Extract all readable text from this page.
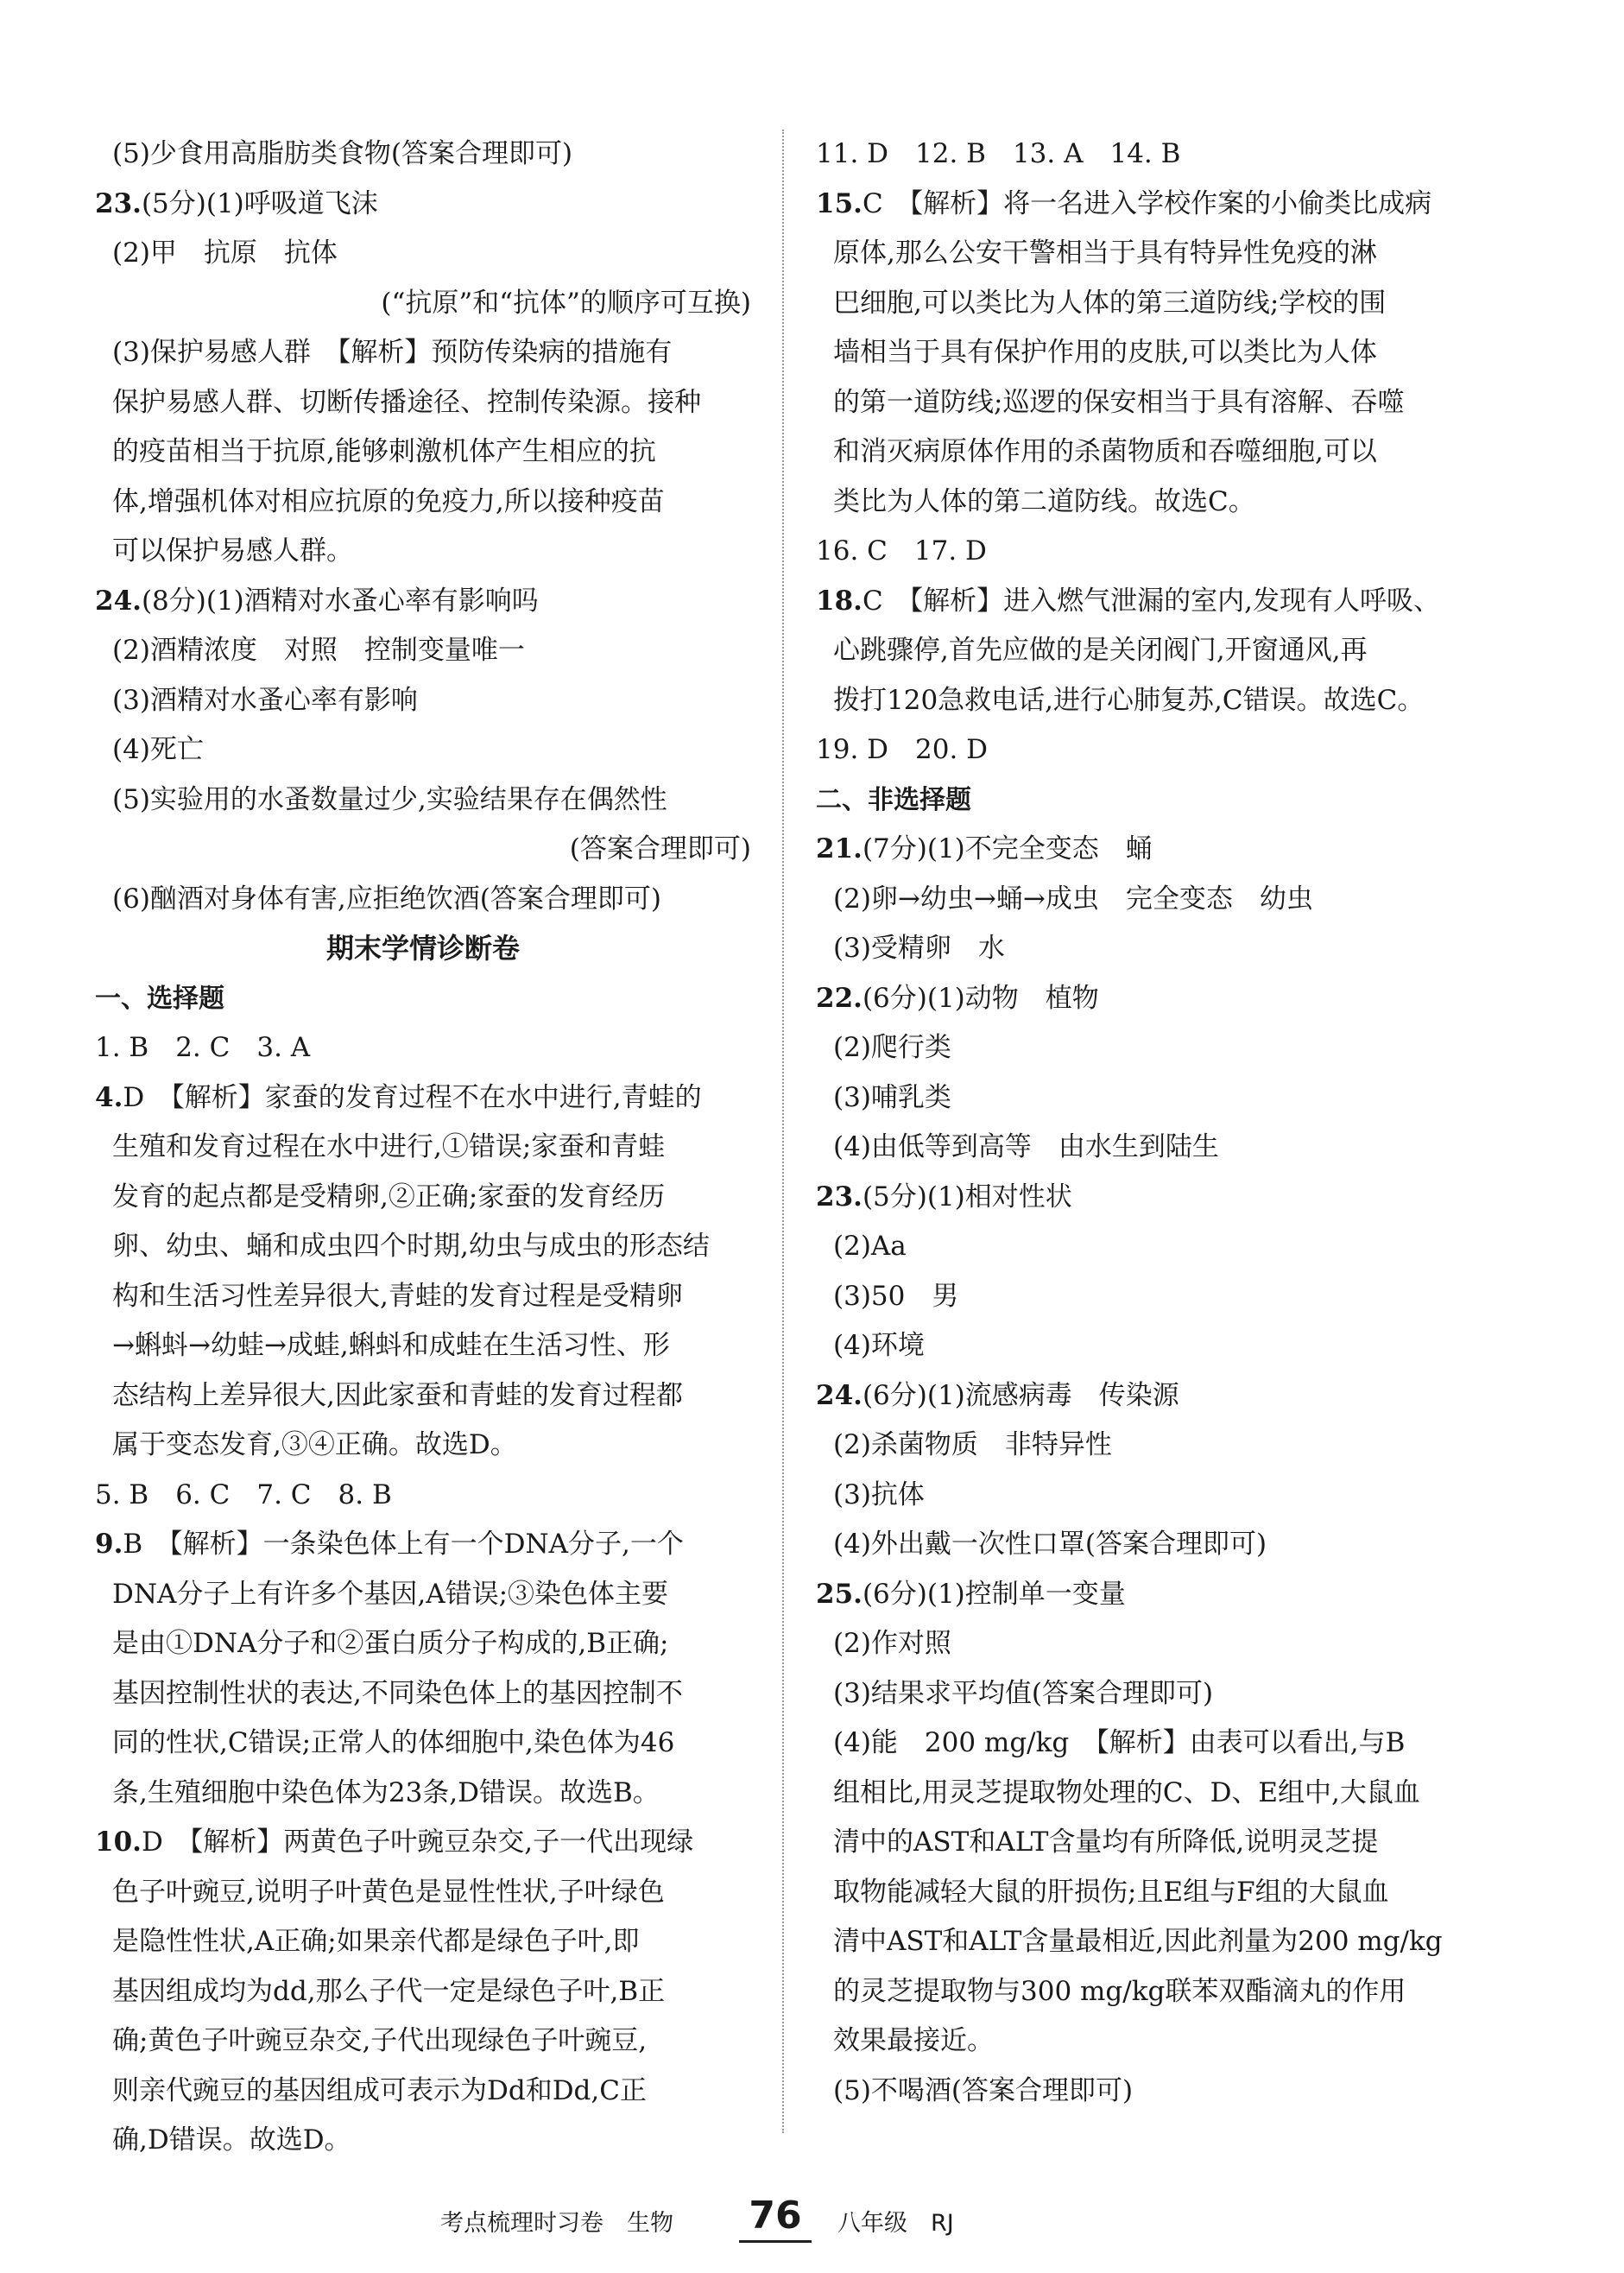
(5)少食用高脂肪类食物(答案合理即可)

23.(5分)(1)呼吸道飞沫

(2)甲　抗原　抗体

(“抗原”和“抗体”的顺序可互换)

(3)保护易感人群　【解析】预防传染病的措施有

保护易感人群、切断传播途径、控制传染源。接种

的疫苗相当于抗原,能够刺激机体产生相应的抗

体,增强机体对相应抗原的免疫力,所以接种疫苗

可以保护易感人群。

24.(8分)(1)酒精对水蚤心率有影响吗

(2)酒精浓度　对照　控制变量唯一

(3)酒精对水蚤心率有影响

(4)死亡

(5)实验用的水蚤数量过少,实验结果存在偶然性

(答案合理即可)

(6)酗酒对身体有害,应拒绝饮酒(答案合理即可)

期末学情诊断卷

一、选择题

1. B　2. C　3. A

4.D　【解析】家蚕的发育过程不在水中进行,青蛙的

生殖和发育过程在水中进行,①错误;家蚕和青蛙

发育的起点都是受精卵,②正确;家蚕的发育经历

卵、幼虫、蛹和成虫四个时期,幼虫与成虫的形态结

构和生活习性差异很大,青蛙的发育过程是受精卵

→蝌蚪→幼蛙→成蛙,蝌蚪和成蛙在生活习性、形

态结构上差异很大,因此家蚕和青蛙的发育过程都

属于变态发育,③④正确。故选D。

5. B　6. C　7. C　8. B

9.B　【解析】一条染色体上有一个DNA分子,一个

DNA分子上有许多个基因,A错误;③染色体主要

是由①DNA分子和②蛋白质分子构成的,B正确;

基因控制性状的表达,不同染色体上的基因控制不

同的性状,C错误;正常人的体细胞中,染色体为46

条,生殖细胞中染色体为23条,D错误。故选B。

10.D　【解析】两黄色子叶豌豆杂交,子一代出现绿

色子叶豌豆,说明子叶黄色是显性性状,子叶绿色

是隐性性状,A正确;如果亲代都是绿色子叶,即

基因组成均为dd,那么子代一定是绿色子叶,B正

确;黄色子叶豌豆杂交,子代出现绿色子叶豌豆,

则亲代豌豆的基因组成可表示为Dd和Dd,C正

确,D错误。故选D。

11. D　12. B　13. A　14. B

15.C　【解析】将一名进入学校作案的小偷类比成病

原体,那么公安干警相当于具有特异性免疫的淋

巴细胞,可以类比为人体的第三道防线;学校的围

墙相当于具有保护作用的皮肤,可以类比为人体

的第一道防线;巡逻的保安相当于具有溶解、吞噬

和消灭病原体作用的杀菌物质和吞噬细胞,可以

类比为人体的第二道防线。故选C。

16. C　17. D

18.C　【解析】进入燃气泄漏的室内,发现有人呼吸、

心跳骤停,首先应做的是关闭阀门,开窗通风,再

拨打120急救电话,进行心肺复苏,C错误。故选C。

19. D　20. D

二、非选择题

21.(7分)(1)不完全变态　蛹

(2)卵→幼虫→蛹→成虫　完全变态　幼虫

(3)受精卵　水

22.(6分)(1)动物　植物

(2)爬行类

(3)哺乳类

(4)由低等到高等　由水生到陆生

23.(5分)(1)相对性状

(2)Aa

(3)50　男

(4)环境

24.(6分)(1)流感病毒　传染源

(2)杀菌物质　非特异性

(3)抗体

(4)外出戴一次性口罩(答案合理即可)

25.(6分)(1)控制单一变量

(2)作对照

(3)结果求平均值(答案合理即可)

(4)能　200 mg/kg　【解析】由表可以看出,与B

组相比,用灵芝提取物处理的C、D、E组中,大鼠血

清中的AST和ALT含量均有所降低,说明灵芝提

取物能减轻大鼠的肝损伤;且E组与F组的大鼠血

清中AST和ALT含量最相近,因此剂量为200 mg/kg

的灵芝提取物与300 mg/kg联苯双酯滴丸的作用

效果最接近。

(5)不喝酒(答案合理即可)

考点梳理时习卷　生物 76	八年级　RJ
